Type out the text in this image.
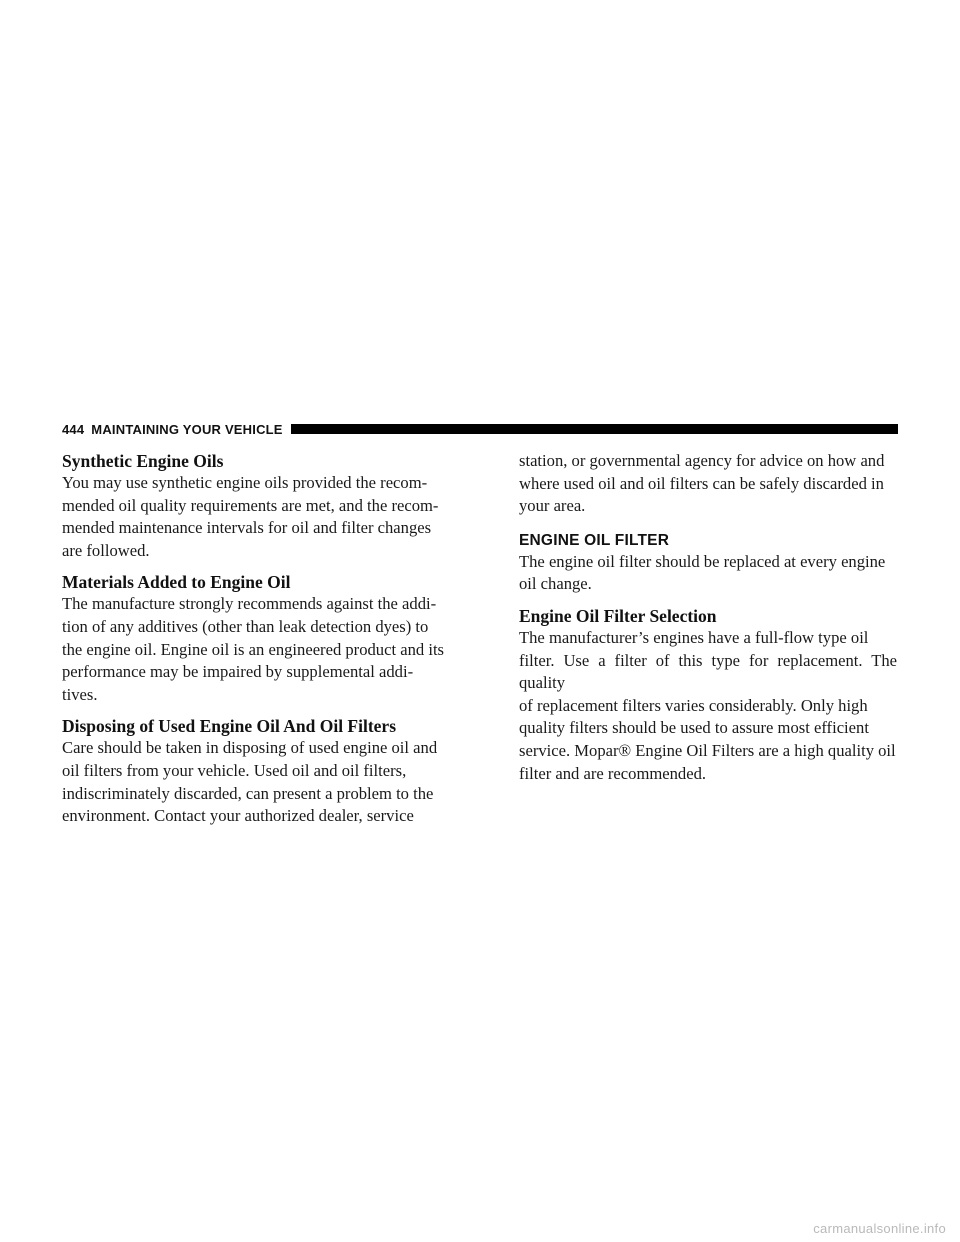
444 MAINTAINING YOUR VEHICLE
Synthetic Engine Oils

You may use synthetic engine oils provided the recom-
mended oil quality requirements are met, and the recom-
mended maintenance intervals for oil and filter changes
are followed.

Materials Added to Engine Oil

The manufacture strongly recommends against the addi-
tion of any additives (other than leak detection dyes) to
the engine oil. Engine oil is an engineered product and its
performance may be impaired by supplemental addi-
tives.

Disposing of Used Engine Oil And Oil Filters

Care should be taken in disposing of used engine oil and
oil filters from your vehicle. Used oil and oil filters,
indiscriminately discarded, can present a problem to the
environment. Contact your authorized dealer, service

station, or governmental agency for advice on how and
where used oil and oil filters can be safely discarded in
your area.

ENGINE OIL FILTER

The engine oil filter should be replaced at every engine
oil change.

Engine Oil Filter Selection

The manufacturer’s engines have a full-flow type oil
filter. Use a filter of this type for replacement. The quality
of replacement filters varies considerably. Only high
quality filters should be used to assure most efficient
service. Mopar® Engine Oil Filters are a high quality oil
filter and are recommended.

carmanualsonline.info
